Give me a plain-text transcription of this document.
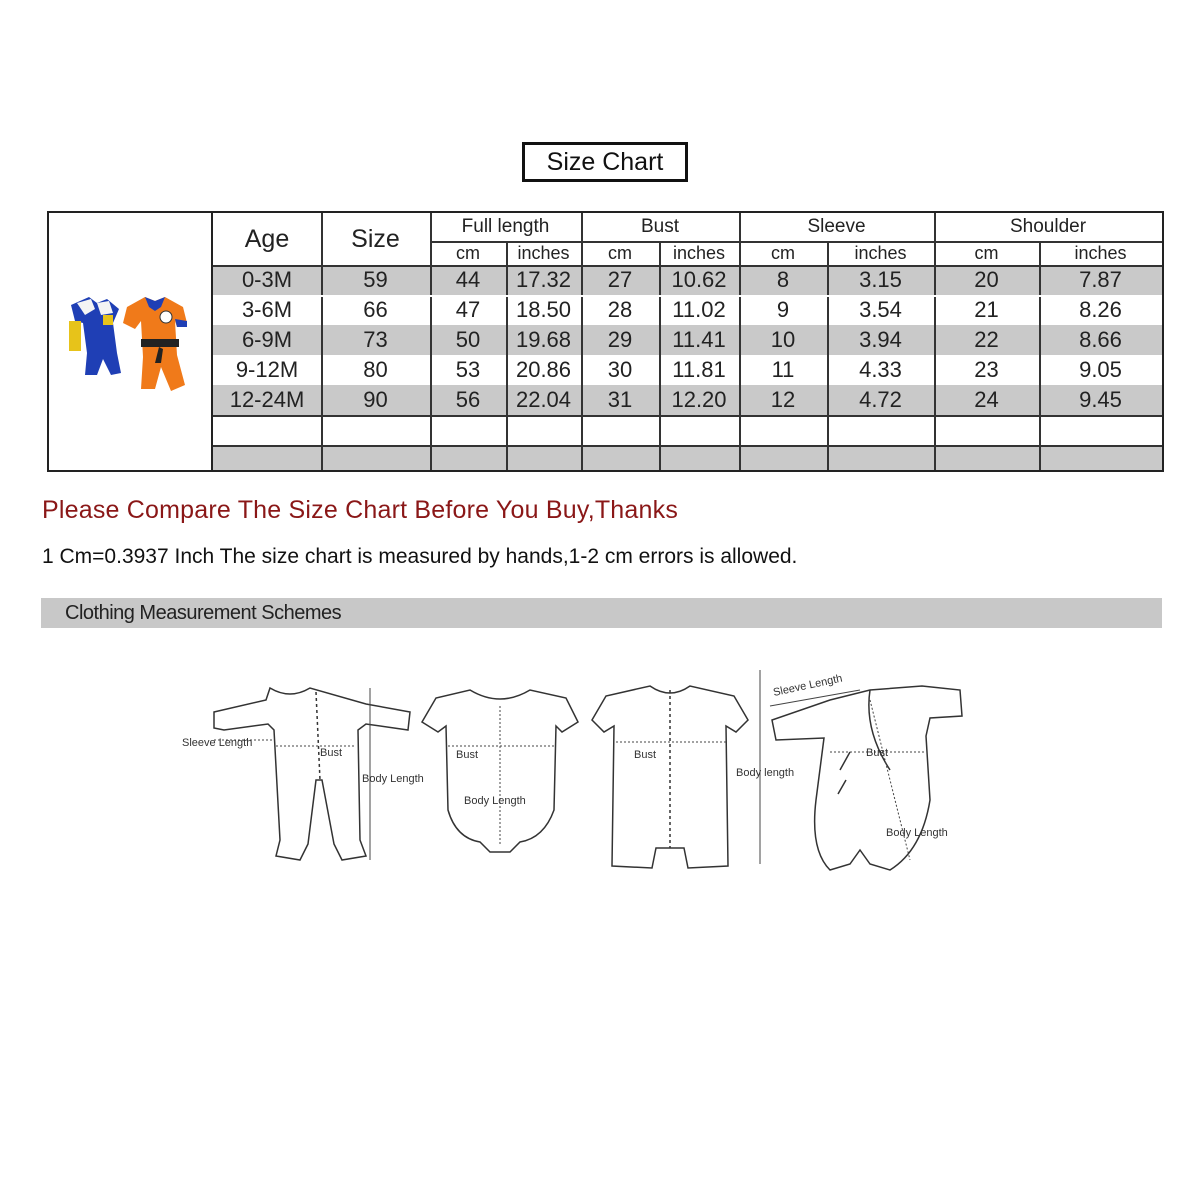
Size Chart
Age	Size	Full length	Bust	Sleeve	Shoulder
cm	inches	cm	inches	cm	inches	cm	inches
0-3M	59	44	17.32	27	10.62	8	3.15	20	7.87
3-6M	66	47	18.50	28	11.02	9	3.54	21	8.26
6-9M	73	50	19.68	29	11.41	10	3.94	22	8.66
9-12M	80	53	20.86	30	11.81	11	4.33	23	9.05
12-24M	90	56	22.04	31	12.20	12	4.72	24	9.45
Please Compare The Size Chart Before You Buy,Thanks
1 Cm=0.3937 Inch The size chart is measured by hands,1-2 cm errors is allowed.
Clothing Measurement Schemes
Sleeve Length
Bust
Body Length
Bust
Body Length
Bust
Body length
Sleeve Length
Bust
Body Length
